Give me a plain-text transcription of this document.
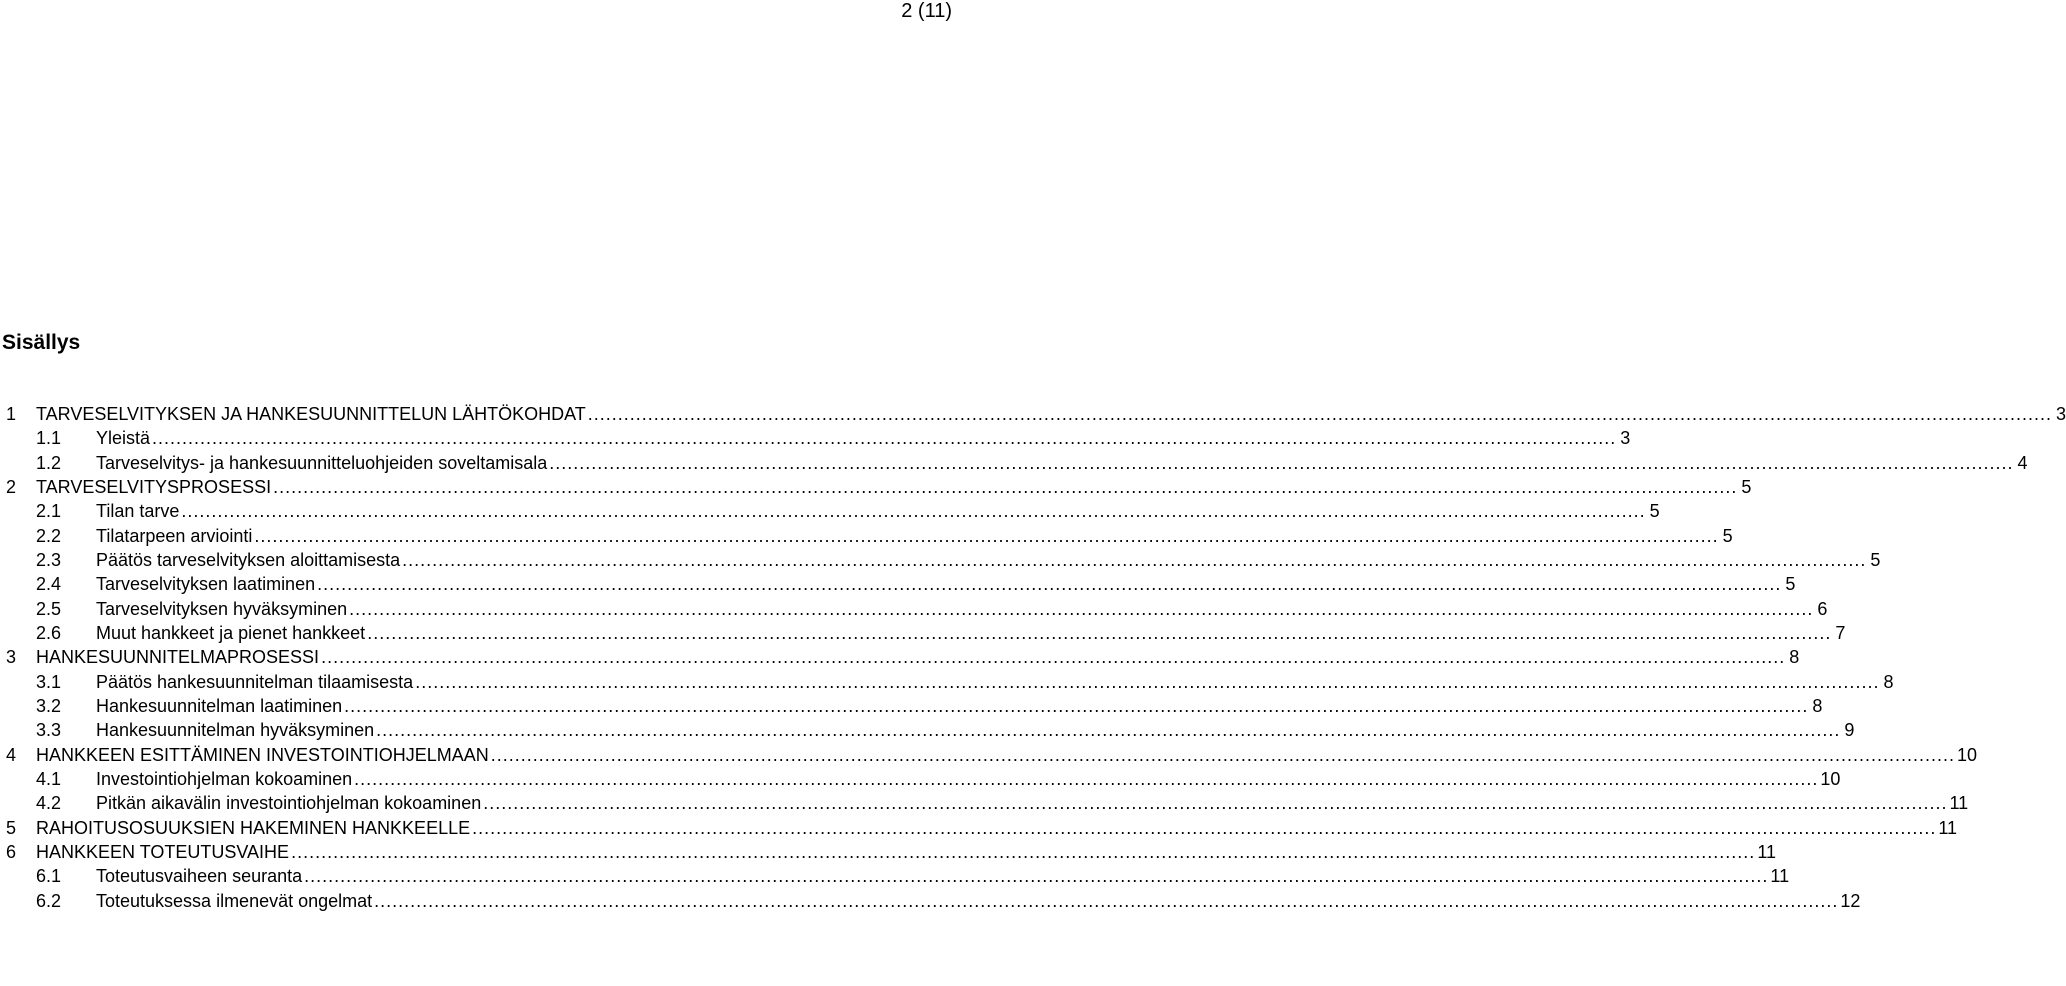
2 (11)
Sisällys
1	TARVESELVITYKSEN JA HANKESUUNNITTELUN LÄHTÖKOHDAT .....	3
1.1	Yleistä .....	3
1.2	Tarveselvitys- ja hankesuunnitteluohjeiden soveltamisala .....	4
2	TARVESELVITYSPROSESSI .....	5
2.1	Tilan tarve .....	5
2.2	Tilatarpeen arviointi .....	5
2.3	Päätös tarveselvityksen aloittamisesta .....	5
2.4	Tarveselvityksen laatiminen .....	5
2.5	Tarveselvityksen hyväksyminen .....	6
2.6	Muut hankkeet ja pienet hankkeet .....	7
3	HANKESUUNNITELMAPROSESSI .....	8
3.1	Päätös hankesuunnitelman tilaamisesta .....	8
3.2	Hankesuunnitelman laatiminen .....	8
3.3	Hankesuunnitelman hyväksyminen .....	9
4	HANKKEEN ESITTÄMINEN INVESTOINTIOHJELMAAN .....	10
4.1	Investointiohjelman kokoaminen .....	10
4.2	Pitkän aikavälin investointiohjelman kokoaminen .....	11
5	RAHOITUSOSUUKSIEN HAKEMINEN HANKKEELLE .....	11
6	HANKKEEN TOTEUTUSVAIHE .....	11
6.1	Toteutusvaiheen seuranta .....	11
6.2	Toteutuksessa ilmenevät ongelmat .....	12
